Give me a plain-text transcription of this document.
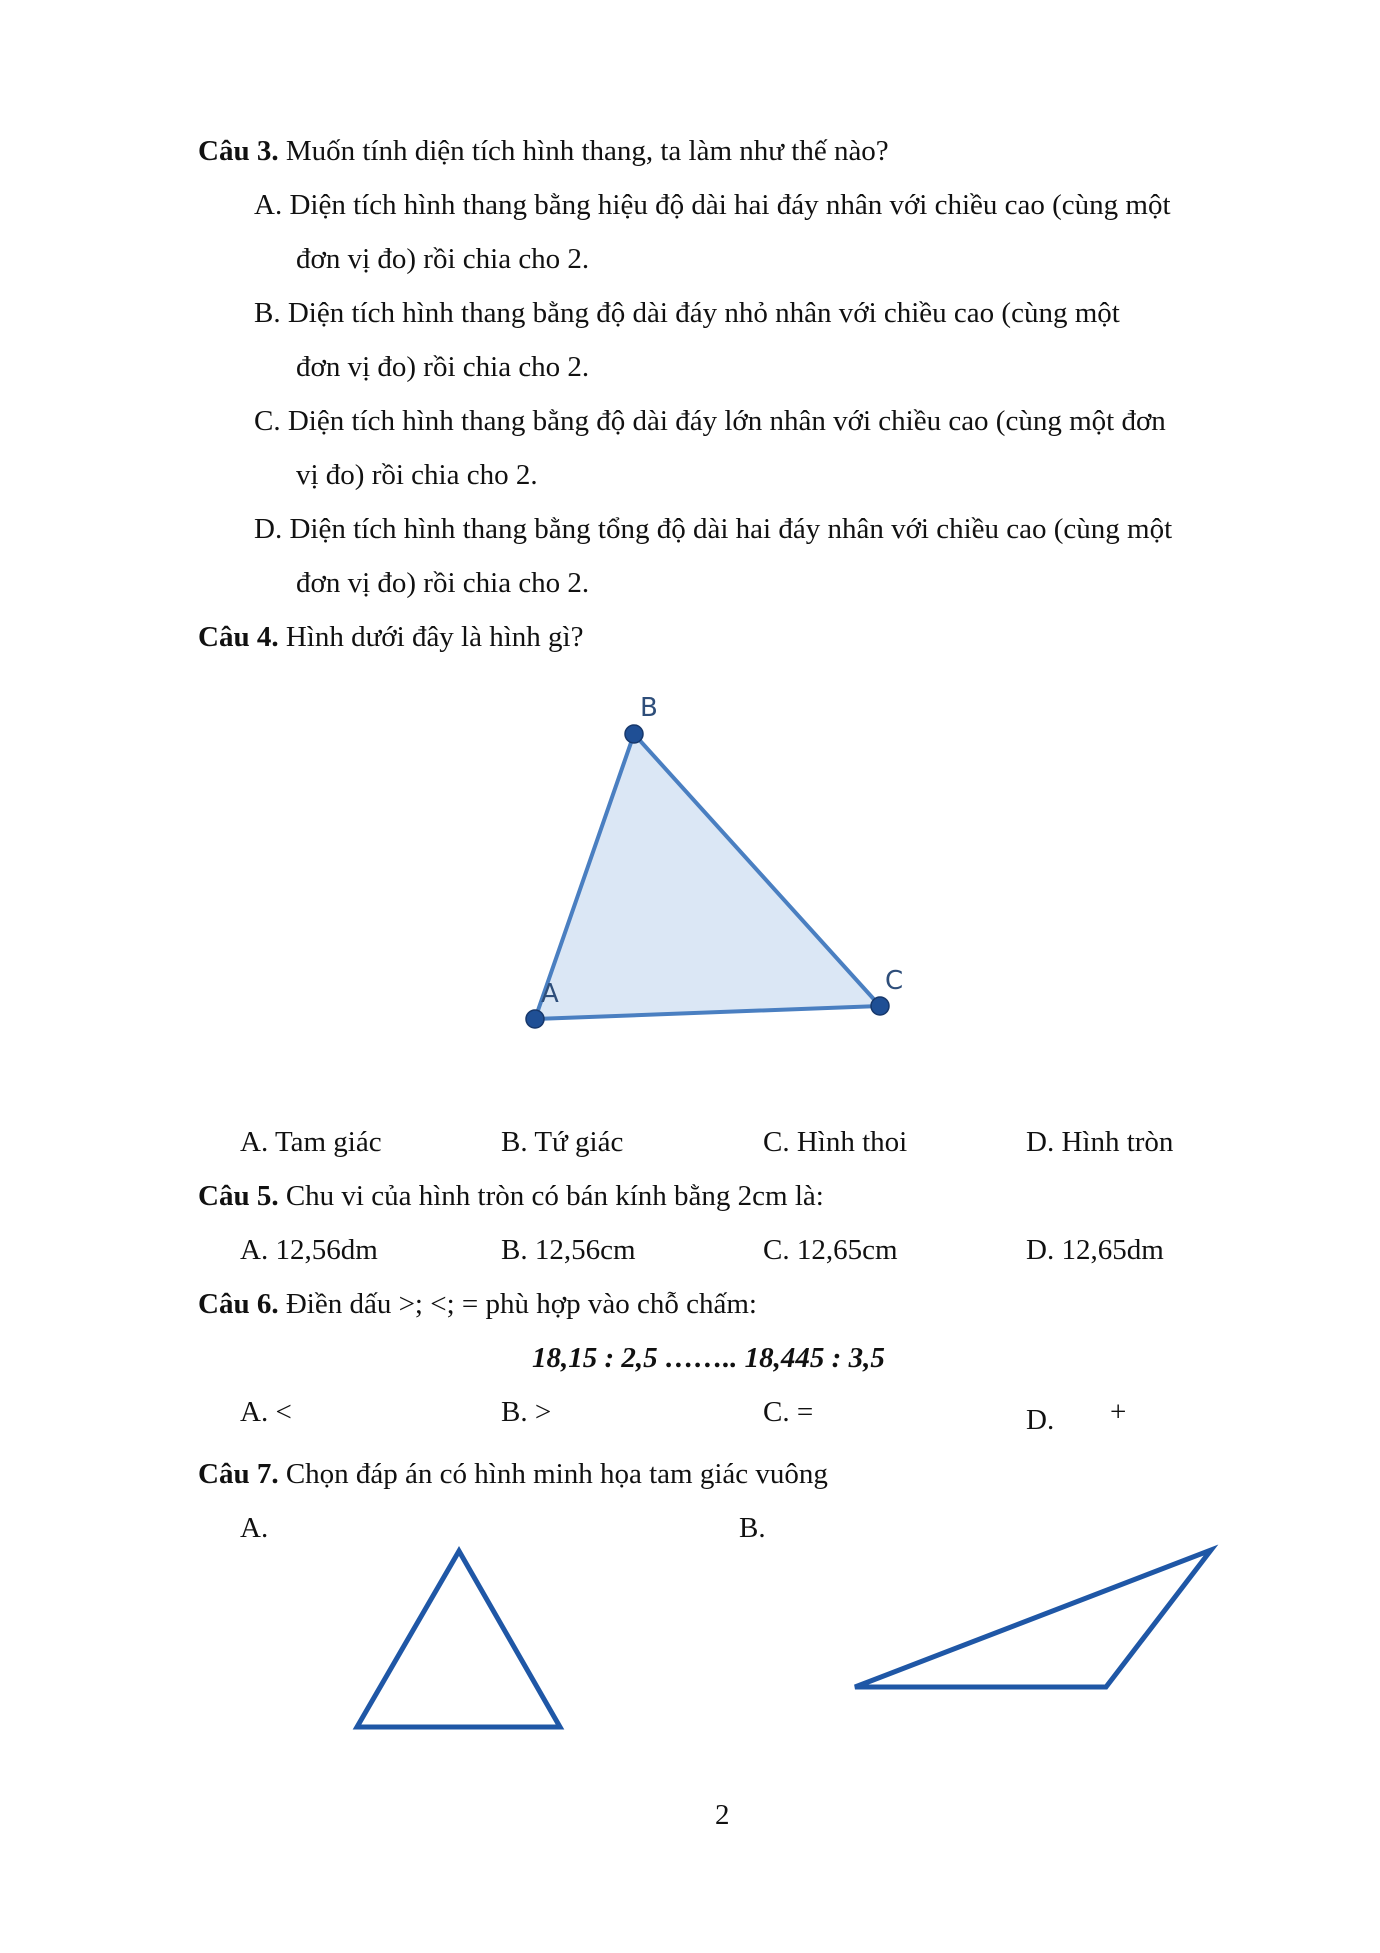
Câu 3. Muốn tính diện tích hình thang, ta làm như thế nào?
A. Diện tích hình thang bằng hiệu độ dài hai đáy nhân với chiều cao (cùng một
đơn vị đo) rồi chia cho 2.
B. Diện tích hình thang bằng độ dài đáy nhỏ nhân với chiều cao (cùng một
đơn vị đo) rồi chia cho 2.
C. Diện tích hình thang bằng độ dài đáy lớn nhân với chiều cao (cùng một đơn
vị đo) rồi chia cho 2.
D. Diện tích hình thang bằng tổng độ dài hai đáy nhân với chiều cao (cùng một
đơn vị đo) rồi chia cho 2.
Câu 4. Hình dưới đây là hình gì?
B
A	C
A. Tam giác	B. Tứ giác	C. Hình thoi	D. Hình tròn
Câu 5. Chu vi của hình tròn có bán kính bằng 2cm là:
A. 12,56dm	B. 12,56cm	C. 12,65cm	D. 12,65dm
Câu 6. Điền dấu >; <; = phù hợp vào chỗ chấm:
18,15 : 2,5 …….. 18,445 : 3,5
A. <	B. >	C. =	D. +
Câu 7. Chọn đáp án có hình minh họa tam giác vuông
A.	B.
2
